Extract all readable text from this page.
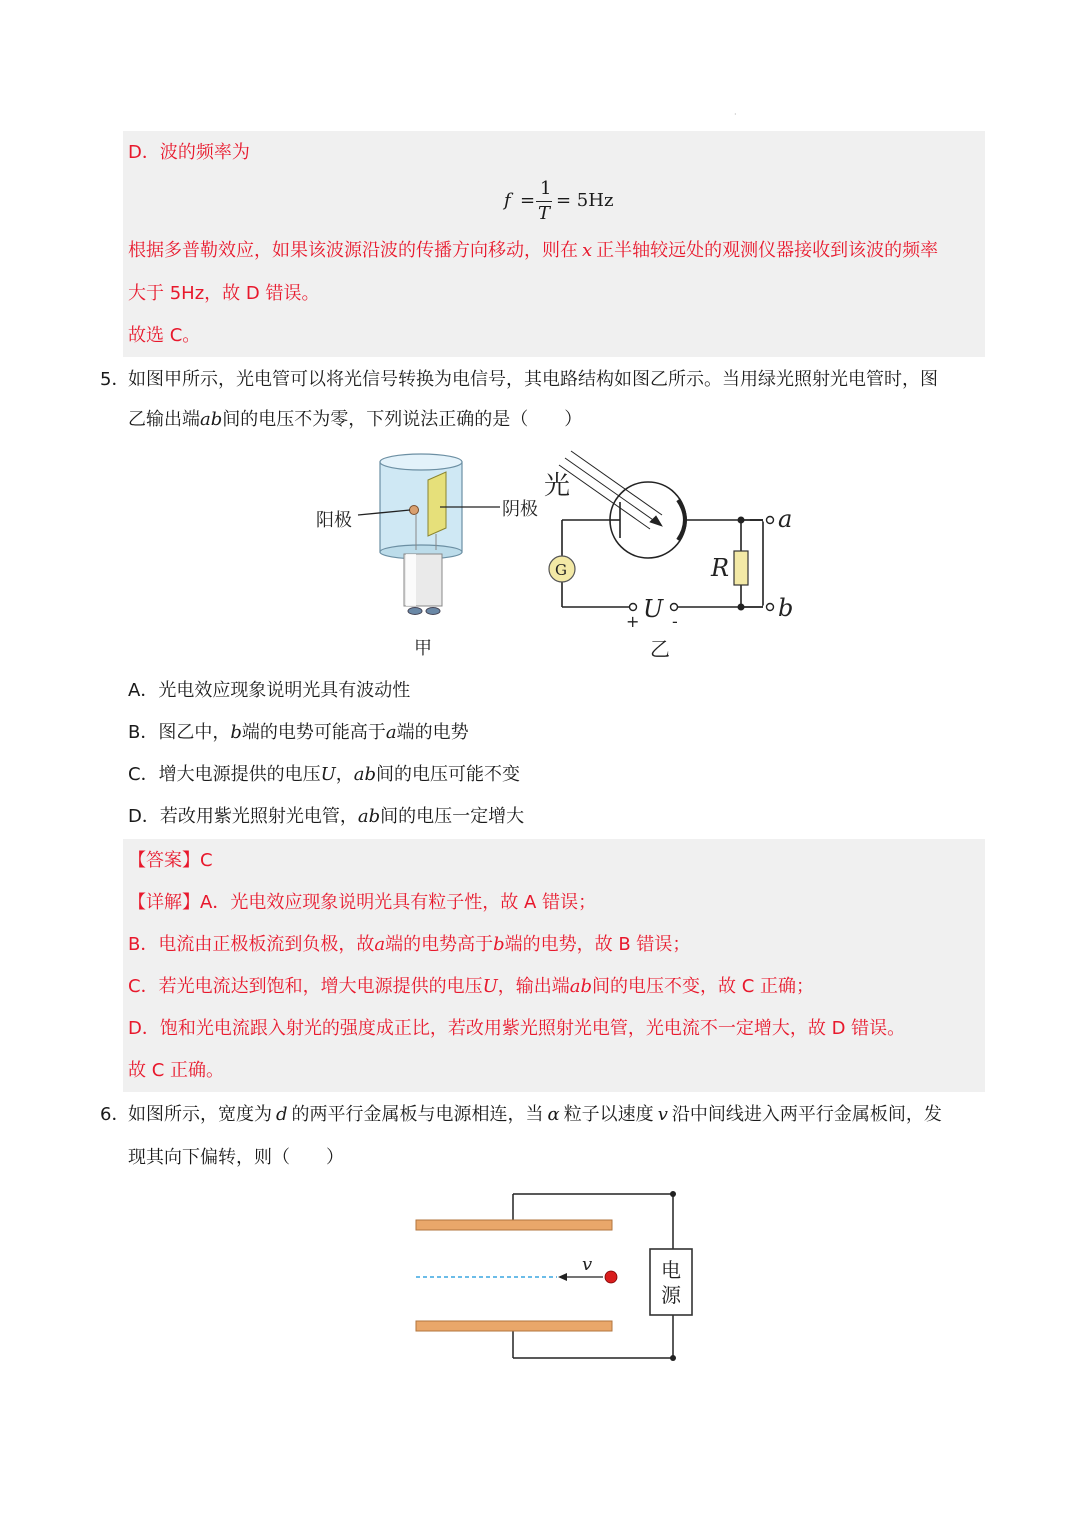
·
D．波的频率为
f =
1
T
= 5Hz
根据多普勒效应，如果该波源沿波的传播方向移动，则在 x 正半轴较远处的观测仪器接收到该波的频率
大于 5Hz，故 D 错误。
故选 C。
5．
如图甲所示，光电管可以将光信号转换为电信号，其电路结构如图乙所示。当用绿光照射光电管时，图
乙输出端ab间的电压不为零，下列说法正确的是（　　）
阳极
阴极
甲
光
G	R
U
a
b
+ -
乙
A．光电效应现象说明光具有波动性
B．图乙中，b端的电势可能高于a端的电势
C．增大电源提供的电压U，ab间的电压可能不变
D．若改用紫光照射光电管，ab间的电压一定增大
【答案】C
【详解】A．光电效应现象说明光具有粒子性，故 A 错误；
B．电流由正极板流到负极，故a端的电势高于b端的电势，故 B 错误；
C．若光电流达到饱和，增大电源提供的电压U，输出端ab间的电压不变，故 C 正确；
D．饱和光电流跟入射光的强度成正比，若改用紫光照射光电管，光电流不一定增大，故 D 错误。
故 C 正确。
6．
如图所示，宽度为 d 的两平行金属板与电源相连，当 α 粒子以速度 v 沿中间线进入两平行金属板间，发
现其向下偏转，则（　　）
v	电
源
